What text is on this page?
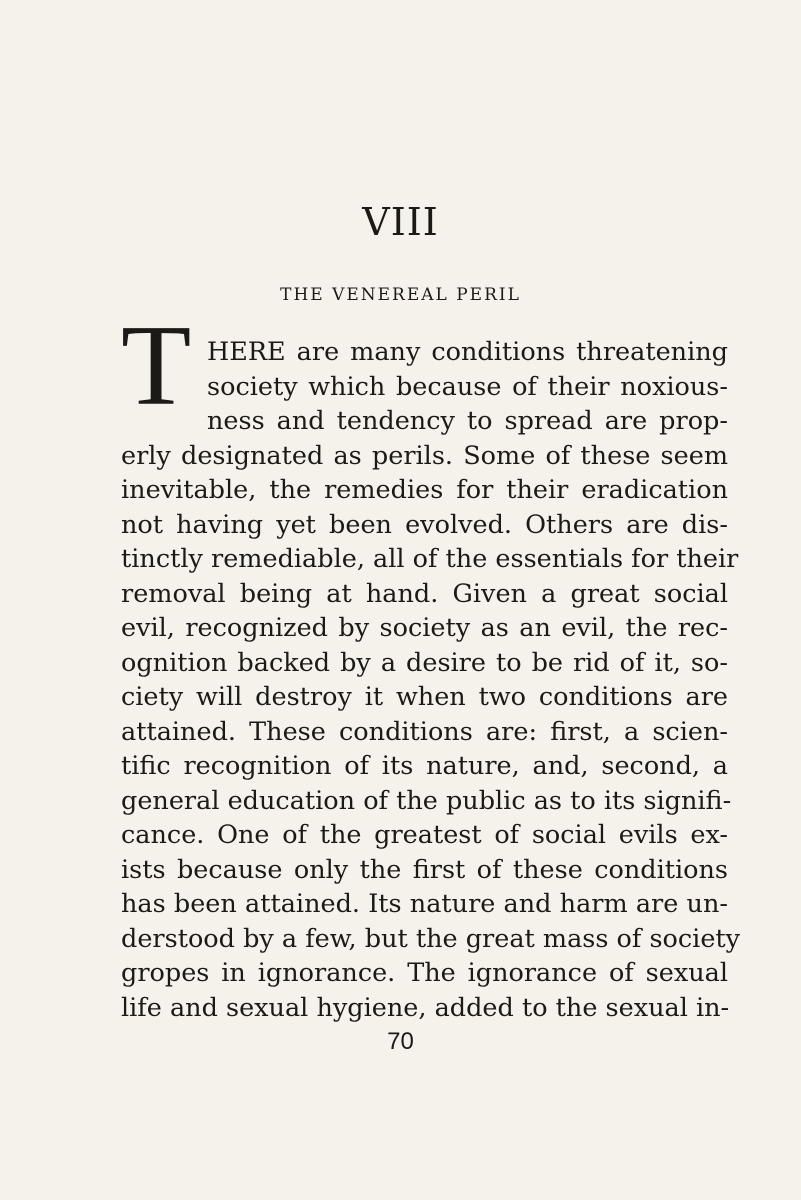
VIII
THE VENEREAL PERIL
T HERE are many conditions threatening
society which because of their noxious-
ness and tendency to spread are prop-
erly designated as perils. Some of these seem
inevitable, the remedies for their eradication
not having yet been evolved. Others are dis-
tinctly remediable, all of the essentials for their
removal being at hand. Given a great social
evil, recognized by society as an evil, the rec-
ognition backed by a desire to be rid of it, so-
ciety will destroy it when two conditions are
attained. These conditions are: first, a scien-
tific recognition of its nature, and, second, a
general education of the public as to its signifi-
cance. One of the greatest of social evils ex-
ists because only the first of these conditions
has been attained. Its nature and harm are un-
derstood by a few, but the great mass of society
gropes in ignorance. The ignorance of sexual
life and sexual hygiene, added to the sexual in-
70
